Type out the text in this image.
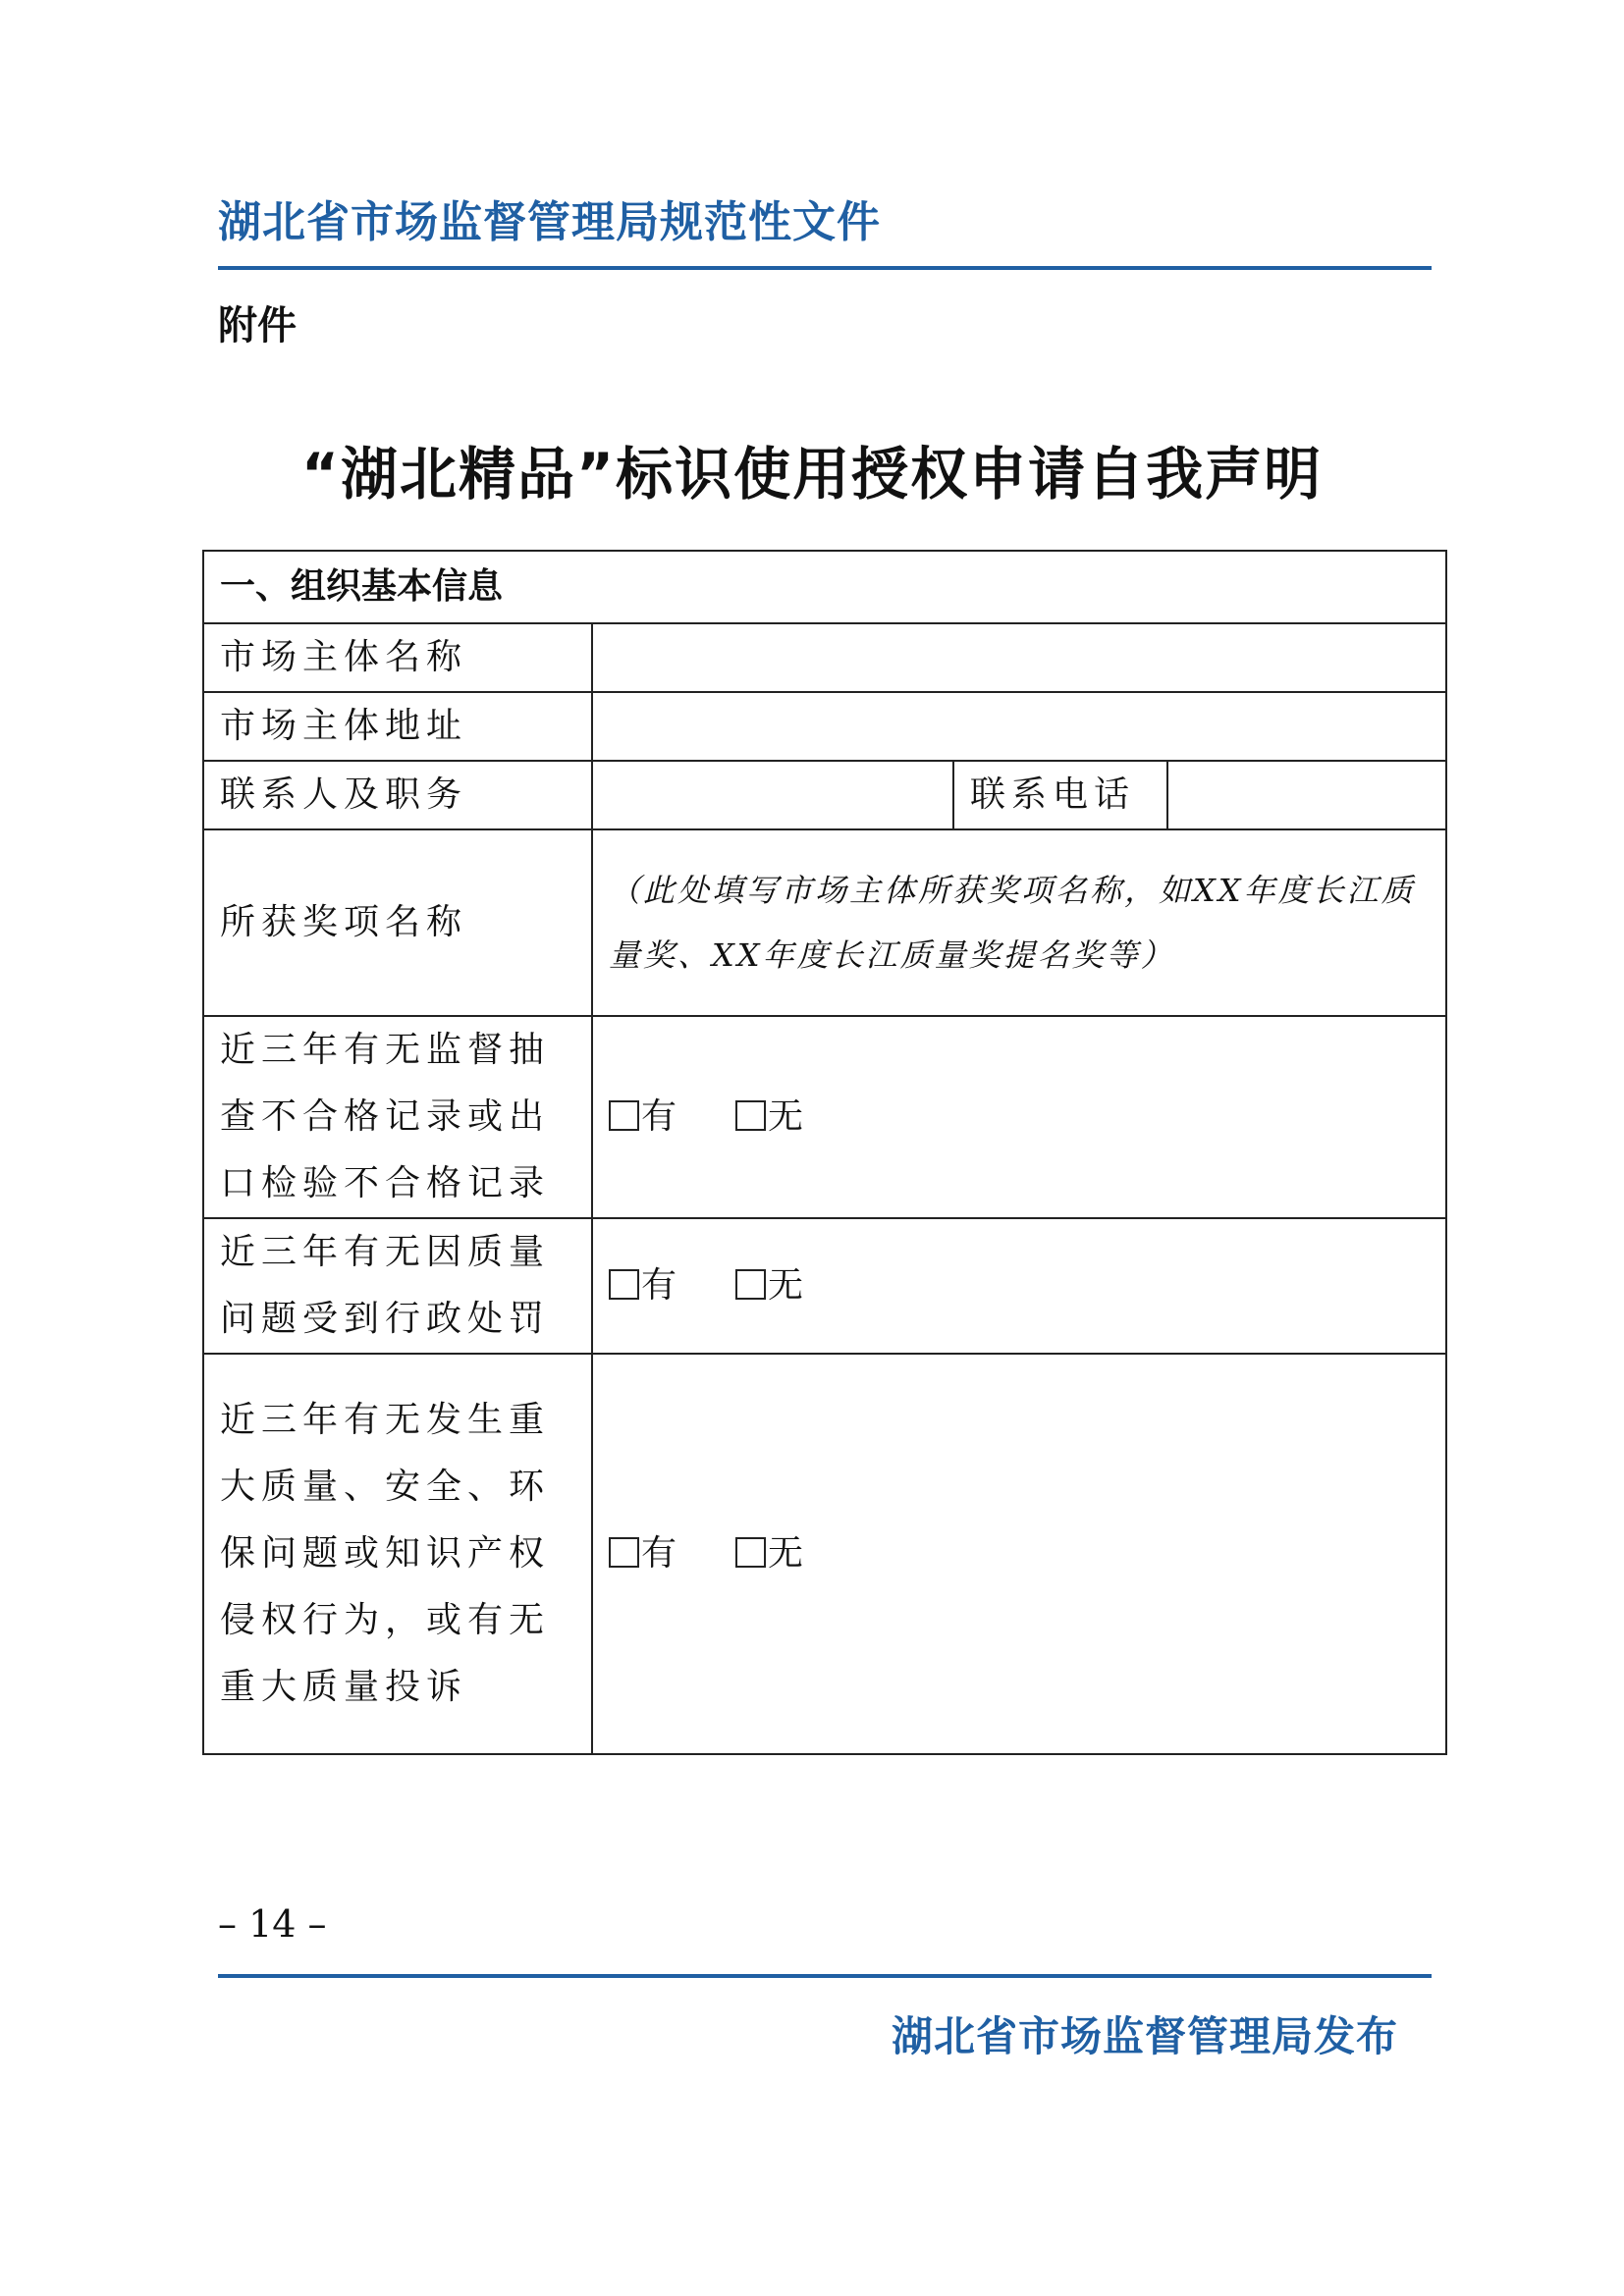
湖北省市场监督管理局规范性文件
附件
“湖北精品”标识使用授权申请自我声明
一、组织基本信息			
市场主体名称			
市场主体地址			
联系人及职务		联系电话	
所获奖项名称	（此处填写市场主体所获奖项名称，如XX年度长江质量奖、XX年度长江质量奖提名奖等）		

近三年有无监督抽查不合格记录或出口检验不合格记录	有 无		
近三年有无因质量问题受到行政处罚	有 无		
近三年有无发生重大质量、安全、环保问题或知识产权侵权行为，或有无重大质量投诉	有 无		
– 14 –
湖北省市场监督管理局发布
